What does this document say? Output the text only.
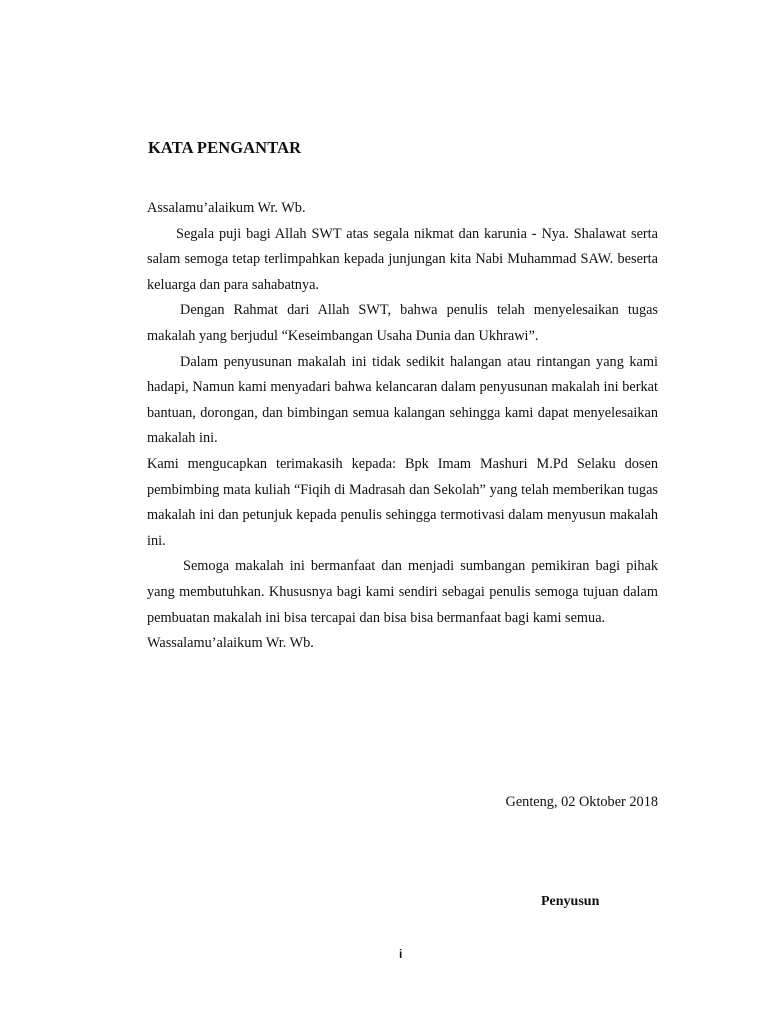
KATA PENGANTAR

Assalamu’alaikum Wr. Wb.

Segala puji bagi Allah SWT atas segala nikmat dan karunia - Nya. Shalawat serta salam semoga tetap terlimpahkan kepada junjungan kita Nabi Muhammad SAW. beserta keluarga dan para sahabatnya.

Dengan Rahmat dari Allah SWT, bahwa penulis telah menyelesaikan tugas makalah yang berjudul “Keseimbangan Usaha Dunia dan Ukhrawi”.

Dalam penyusunan makalah ini tidak sedikit halangan atau rintangan yang kami hadapi, Namun kami menyadari bahwa kelancaran dalam penyusunan makalah ini berkat bantuan, dorongan, dan bimbingan semua kalangan sehingga kami dapat menyelesaikan makalah ini.

Kami mengucapkan terimakasih kepada: Bpk Imam Mashuri M.Pd Selaku dosen pembimbing mata kuliah “Fiqih di Madrasah dan Sekolah” yang telah memberikan tugas makalah ini dan petunjuk kepada penulis sehingga termotivasi dalam menyusun makalah ini.

Semoga makalah ini bermanfaat dan menjadi sumbangan pemikiran bagi pihak yang membutuhkan. Khususnya bagi kami sendiri sebagai penulis semoga tujuan dalam pembuatan makalah ini bisa tercapai dan bisa bisa bermanfaat bagi kami semua.

Wassalamu’alaikum Wr. Wb.

Genteng, 02 Oktober 2018
Penyusun
i
